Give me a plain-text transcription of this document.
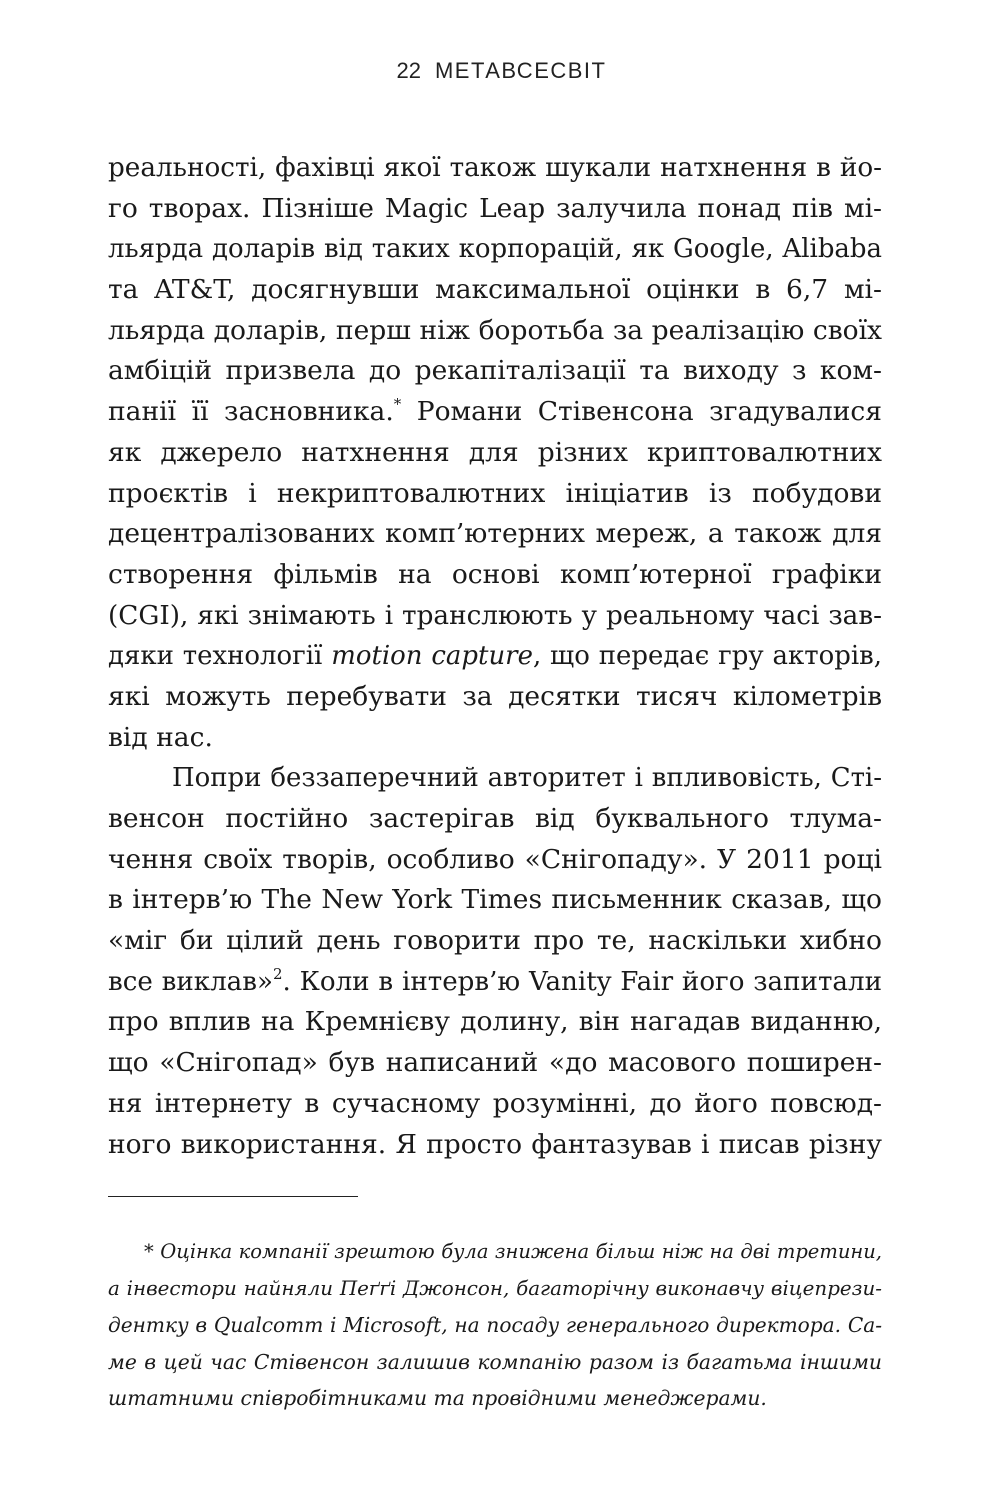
22 МЕТАВСЕСВІТ
реальності, фахівці якої також шукали натхнення в йо-
го творах. Пізніше Magic Leap залучила понад пів мі-
льярда доларів від таких корпорацій, як Google, Alibaba
та AT&T, досягнувши максимальної оцінки в 6,7 мі-
льярда доларів, перш ніж боротьба за реалізацію своїх
амбіцій призвела до рекапіталізації та виходу з ком-
панії її засновника.* Романи Стівенсона згадувалися
як джерело натхнення для різних криптовалютних
проєктів і некриптовалютних ініціатив із побудови
децентралізованих комп’ютерних мереж, а також для
створення фільмів на основі комп’ютерної графіки
(CGI), які знімають і транслюють у реальному часі зав-
дяки технології motion capture, що передає гру акторів,
які можуть перебувати за десятки тисяч кілометрів
від нас.
Попри беззаперечний авторитет і впливовість, Сті-
венсон постійно застерігав від буквального тлума-
чення своїх творів, особливо «Снігопаду». У 2011 році
в інтерв’ю The New York Times письменник сказав, що
«міг би цілий день говорити про те, наскільки хибно
все виклав»$^2$. Коли в інтерв’ю Vanity Fair його запитали
про вплив на Кремнієву долину, він нагадав виданню,
що «Снігопад» був написаний «до масового поширен-
ня інтернету в сучасному розумінні, до його повсюд-
ного використання. Я просто фантазував і писав різну
* Оцінка компанії зрештою була знижена більш ніж на дві третини,
а інвестори найняли Пеґґі Джонсон, багаторічну виконавчу віцепрези-
дентку в Qualcomm і Microsoft, на посаду генерального директора. Са-
ме в цей час Стівенсон залишив компанію разом із багатьма іншими
штатними співробітниками та провідними менеджерами.
